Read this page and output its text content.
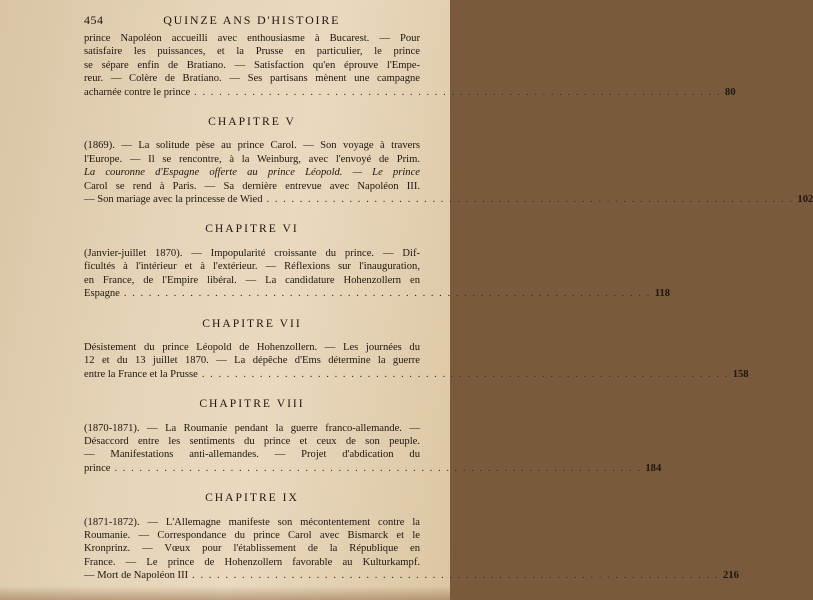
454	QUINZE ANS D'HISTOIRE
prince Napoléon accueilli avec enthousiasme à Bucarest. — Pour
satisfaire les puissances, et la Prusse en particulier, le prince
se sépare enfin de Bratiano. — Satisfaction qu'en éprouve l'Empe-
reur. — Colère de Bratiano. — Ses partisans mènent une campagne
acharnée contre le prince . . . . . . . . . . . . . . . . . . . . . . . . . . . . . . . . . . . . . . . . . . . . . . . . . . . . . . . . . . . . . . . . 80
CHAPITRE V
(1869). — La solitude pèse au prince Carol. — Son voyage à travers
l'Europe. — Il se rencontre, à la Weinburg, avec l'envoyé de Prim.
La couronne d'Espagne offerte au prince Léopold. — Le prince
Carol se rend à Paris. — Sa dernière entrevue avec Napoléon III.
— Son mariage avec la princesse de Wied . . . . . . . . . . . . . . . . . . . . . . . . . . . . . . . . . . . . . . . . . . . . . . . . . . . . . . . . . . . . . . . . 102
CHAPITRE VI
(Janvier-juillet 1870). — Impopularité croissante du prince. — Dif-
ficultés à l'intérieur et à l'extérieur. — Réflexions sur l'inauguration,
en France, de l'Empire libéral. — La candidature Hohenzollern en
Espagne . . . . . . . . . . . . . . . . . . . . . . . . . . . . . . . . . . . . . . . . . . . . . . . . . . . . . . . . . . . . . . . . 118
CHAPITRE VII
Désistement du prince Léopold de Hohenzollern. — Les journées du
12 et du 13 juillet 1870. — La dépêche d'Ems détermine la guerre
entre la France et la Prusse . . . . . . . . . . . . . . . . . . . . . . . . . . . . . . . . . . . . . . . . . . . . . . . . . . . . . . . . . . . . . . . . 158
CHAPITRE VIII
(1870-1871). — La Roumanie pendant la guerre franco-allemande. —
Désaccord entre les sentiments du prince et ceux de son peuple.
— Manifestations anti-allemandes. — Projet d'abdication du
prince . . . . . . . . . . . . . . . . . . . . . . . . . . . . . . . . . . . . . . . . . . . . . . . . . . . . . . . . . . . . . . . . 184
CHAPITRE IX
(1871-1872). — L'Allemagne manifeste son mécontentement contre la
Roumanie. — Correspondance du prince Carol avec Bismarck et le
Kronprinz. — Vœux pour l'établissement de la République en
France. — Le prince de Hohenzollern favorable au Kulturkampf.
— Mort de Napoléon III . . . . . . . . . . . . . . . . . . . . . . . . . . . . . . . . . . . . . . . . . . . . . . . . . . . . . . . . . . . . . . . . 216
